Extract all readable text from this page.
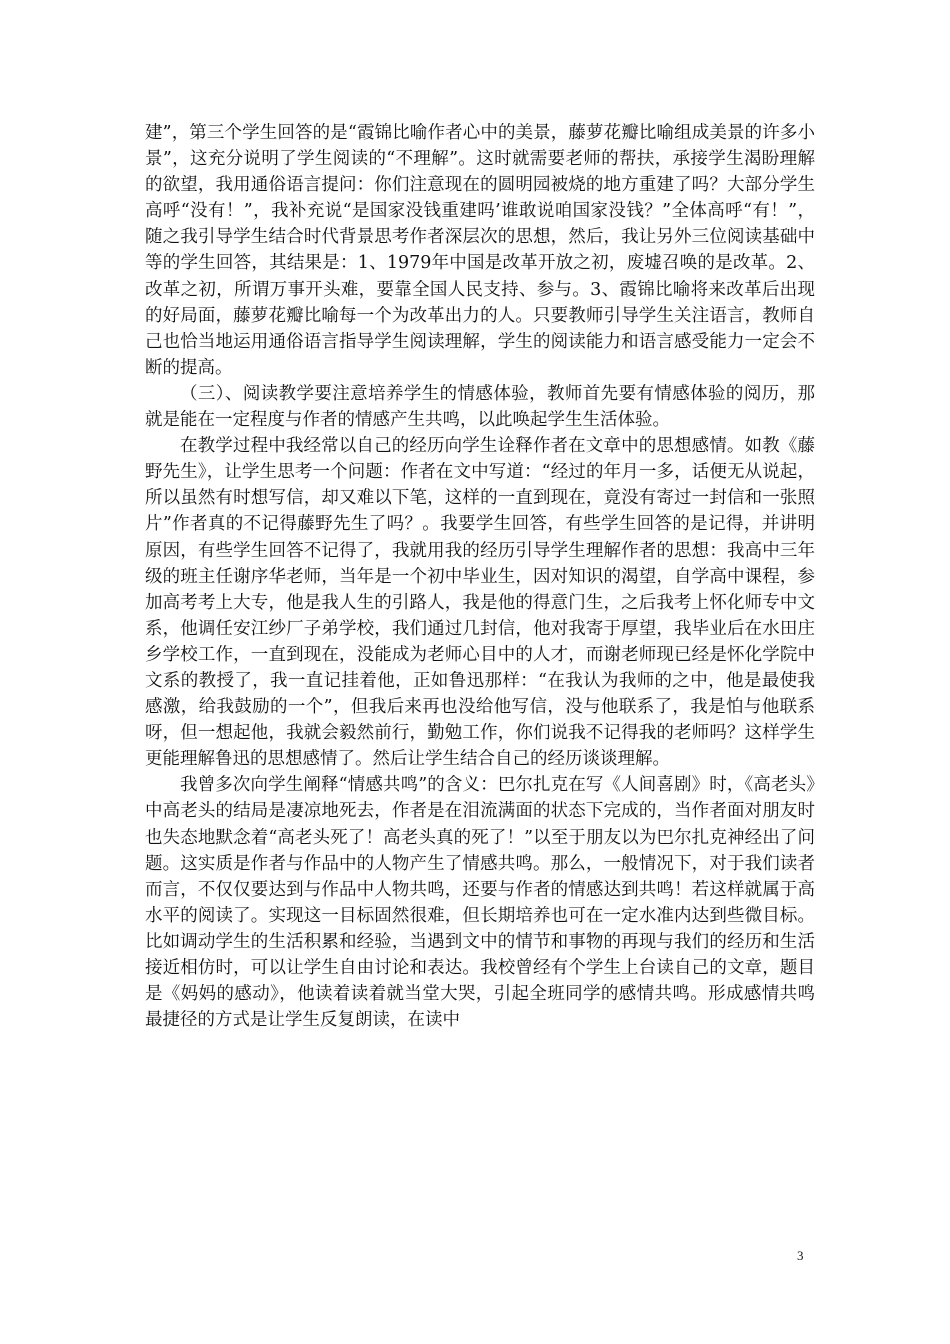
建”，第三个学生回答的是“霞锦比喻作者心中的美景，藤萝花瓣比喻组成美景的许多小景”，这充分说明了学生阅读的“不理解”。这时就需要老师的帮扶，承接学生渴盼理解的欲望，我用通俗语言提问：你们注意现在的圆明园被烧的地方重建了吗？大部分学生高呼“没有！”，我补充说“是国家没钱重建吗’谁敢说咱国家没钱？”全体高呼“有！”，随之我引导学生结合时代背景思考作者深层次的思想，然后，我让另外三位阅读基础中等的学生回答，其结果是：1、1979年中国是改革开放之初，废墟召唤的是改革。2、改革之初，所谓万事开头难，要靠全国人民支持、参与。3、霞锦比喻将来改革后出现的好局面，藤萝花瓣比喻每一个为改革出力的人。只要教师引导学生关注语言，教师自己也恰当地运用通俗语言指导学生阅读理解，学生的阅读能力和语言感受能力一定会不断的提高。

（三）、阅读教学要注意培养学生的情感体验，教师首先要有情感体验的阅历，那就是能在一定程度与作者的情感产生共鸣，以此唤起学生生活体验。

在教学过程中我经常以自己的经历向学生诠释作者在文章中的思想感情。如教《藤野先生》，让学生思考一个问题：作者在文中写道：“经过的年月一多，话便无从说起，所以虽然有时想写信，却又难以下笔，这样的一直到现在，竟没有寄过一封信和一张照片”作者真的不记得藤野先生了吗？。我要学生回答，有些学生回答的是记得，并讲明原因，有些学生回答不记得了，我就用我的经历引导学生理解作者的思想：我高中三年级的班主任谢序华老师，当年是一个初中毕业生，因对知识的渴望，自学高中课程，参加高考考上大专，他是我人生的引路人，我是他的得意门生，之后我考上怀化师专中文系，他调任安江纱厂子弟学校，我们通过几封信，他对我寄于厚望，我毕业后在水田庄乡学校工作，一直到现在，没能成为老师心目中的人才，而谢老师现已经是怀化学院中文系的教授了，我一直记挂着他，正如鲁迅那样：“在我认为我师的之中，他是最使我感激，给我鼓励的一个”，但我后来再也没给他写信，没与他联系了，我是怕与他联系呀，但一想起他，我就会毅然前行，勤勉工作，你们说我不记得我的老师吗？这样学生更能理解鲁迅的思想感情了。然后让学生结合自己的经历谈谈理解。

我曾多次向学生阐释“情感共鸣”的含义：巴尔扎克在写《人间喜剧》时，《高老头》中高老头的结局是凄凉地死去，作者是在泪流满面的状态下完成的，当作者面对朋友时也失态地默念着“高老头死了！高老头真的死了！”以至于朋友以为巴尔扎克神经出了问题。这实质是作者与作品中的人物产生了情感共鸣。那么，一般情况下，对于我们读者而言，不仅仅要达到与作品中人物共鸣，还要与作者的情感达到共鸣！若这样就属于高水平的阅读了。实现这一目标固然很难，但长期培养也可在一定水准内达到些微目标。比如调动学生的生活积累和经验，当遇到文中的情节和事物的再现与我们的经历和生活接近相仿时，可以让学生自由讨论和表达。我校曾经有个学生上台读自己的文章，题目是《妈妈的感动》，他读着读着就当堂大哭，引起全班同学的感情共鸣。形成感情共鸣最捷径的方式是让学生反复朗读，在读中

3
